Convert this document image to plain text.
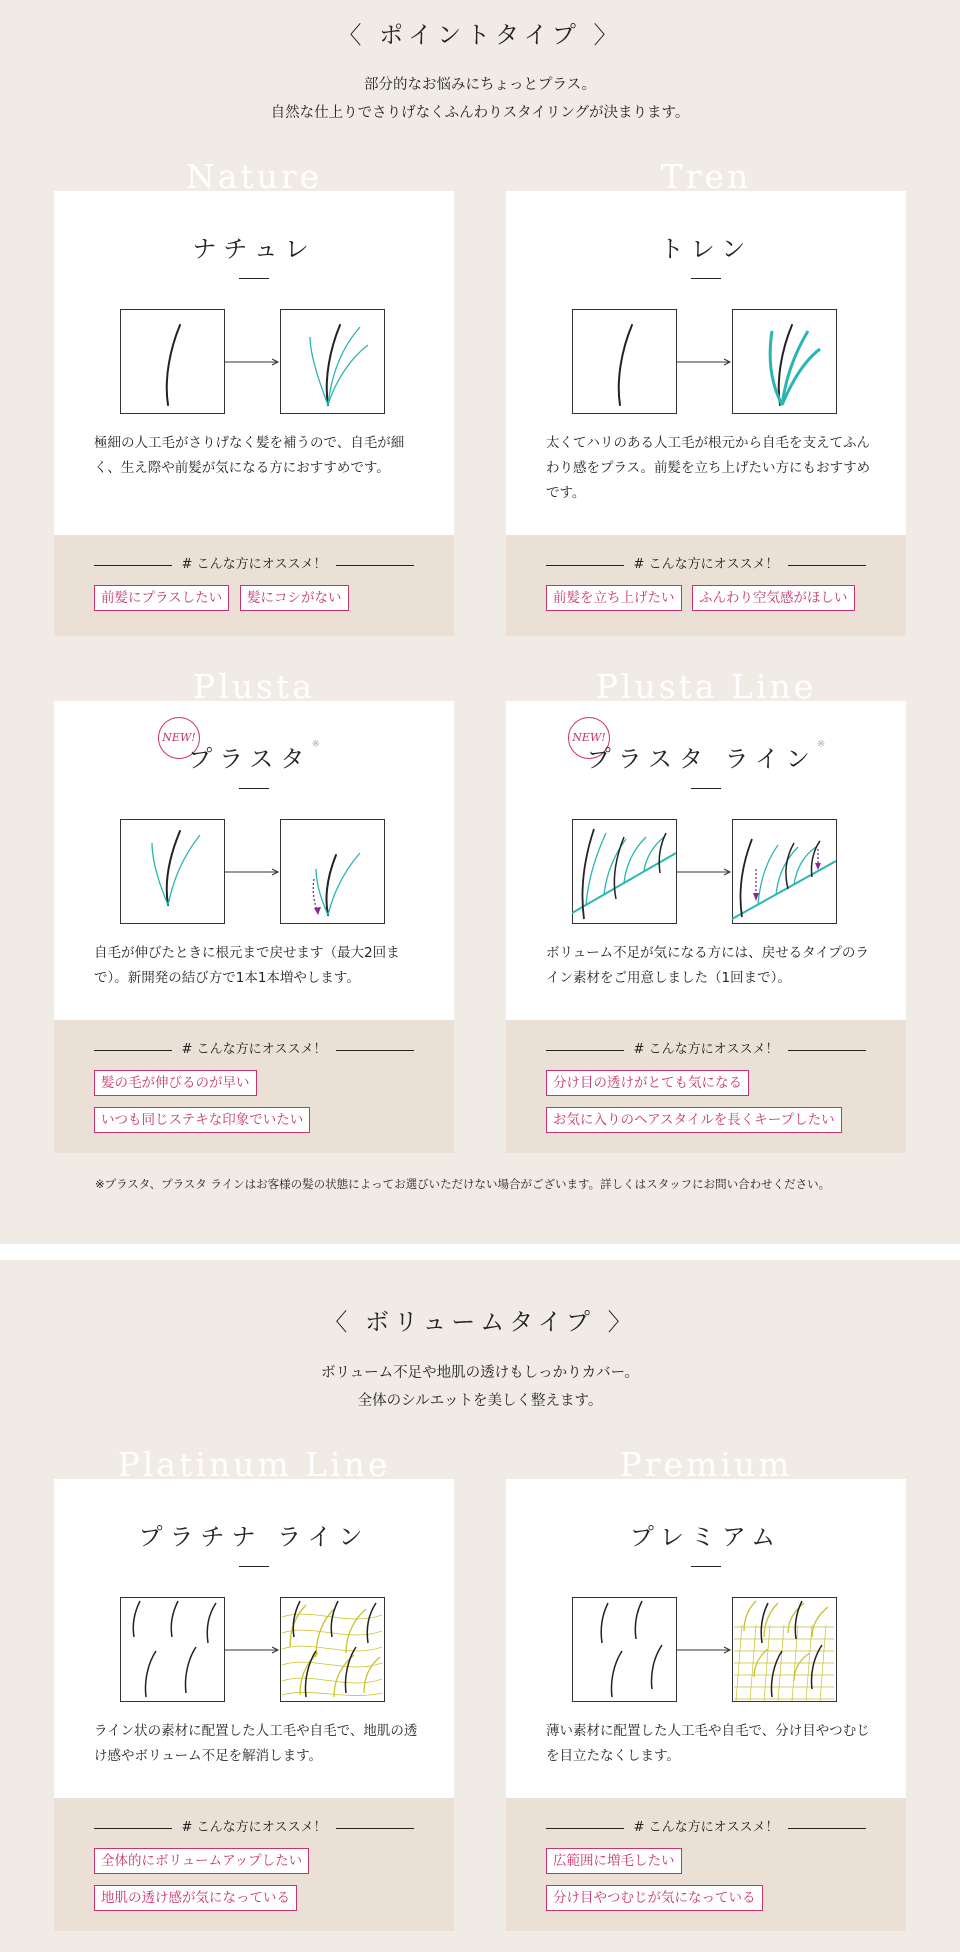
〈 ポイントタイプ 〉
部分的なお悩みにちょっとプラス。
自然な仕上りでさりげなくふんわりスタイリングが決まります。
Nature
ナチュレ
極細の人工毛がさりげなく髪を補うので、自毛が細く、生え際や前髪が気になる方におすすめです。
# こんな方にオススメ！
前髪にプラスしたい	髪にコシがない
Tren
トレン
太くてハリのある人工毛が根元から自毛を支えてふんわり感をプラス。前髪を立ち上げたい方にもおすすめです。
# こんな方にオススメ！
前髪を立ち上げたい	ふんわり空気感がほしい
Plusta
NEW!
プラスタ※
自毛が伸びたときに根元まで戻せます（最大2回まで）。新開発の結び方で1本1本増やします。
# こんな方にオススメ！
髪の毛が伸びるのが早い
いつも同じステキな印象でいたい
Plusta Line
NEW!
プラスタ ライン※
ボリューム不足が気になる方には、戻せるタイプのライン素材をご用意しました（1回まで）。
# こんな方にオススメ！
分け目の透けがとても気になる
お気に入りのヘアスタイルを長くキープしたい
※プラスタ、プラスタ ラインはお客様の髪の状態によってお選びいただけない場合がございます。詳しくはスタッフにお問い合わせください。
〈 ボリュームタイプ 〉
ボリューム不足や地肌の透けもしっかりカバー。
全体のシルエットを美しく整えます。
Platinum Line
プラチナ ライン
ライン状の素材に配置した人工毛や自毛で、地肌の透け感やボリューム不足を解消します。
# こんな方にオススメ！
全体的にボリュームアップしたい
地肌の透け感が気になっている
Premium
プレミアム
薄い素材に配置した人工毛や自毛で、分け目やつむじを目立たなくします。
# こんな方にオススメ！
広範囲に増毛したい
分け目やつむじが気になっている
